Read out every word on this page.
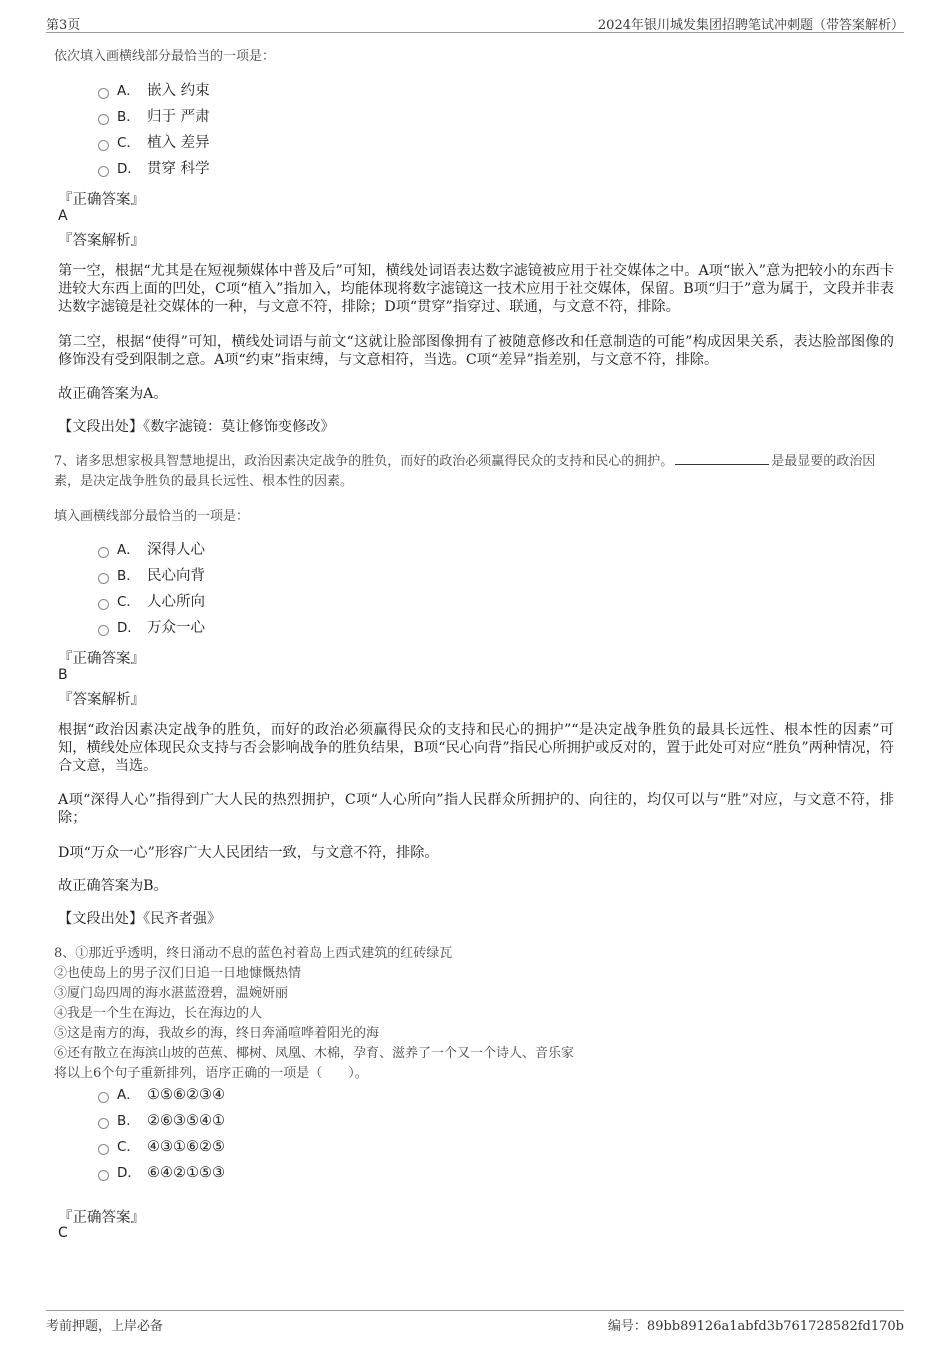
第3页	2024年银川城发集团招聘笔试冲刺题（带答案解析）
依次填入画横线部分最恰当的一项是：
A． 嵌入 约束
B． 归于 严肃
C． 植入 差异
D． 贯穿 科学
『正确答案』
A
『答案解析』
第一空，根据“尤其是在短视频媒体中普及后”可知，横线处词语表达数字滤镜被应用于社交媒体之中。A项“嵌入”意为把较小的东西卡进较大东西上面的凹处，C项“植入”指加入，均能体现将数字滤镜这一技术应用于社交媒体，保留。B项“归于”意为属于，文段并非表达数字滤镜是社交媒体的一种，与文意不符，排除；D项“贯穿”指穿过、联通，与文意不符，排除。
第二空，根据“使得”可知，横线处词语与前文“这就让脸部图像拥有了被随意修改和任意制造的可能”构成因果关系，表达脸部图像的修饰没有受到限制之意。A项“约束”指束缚，与文意相符，当选。C项“差异”指差别，与文意不符，排除。
故正确答案为A。
【文段出处】《数字滤镜：莫让修饰变修改》
7、诸多思想家极具智慧地提出，政治因素决定战争的胜负，而好的政治必须赢得民众的支持和民心的拥护。	是最显要的政治因素，是决定战争胜负的最具长远性、根本性的因素。
填入画横线部分最恰当的一项是：
A． 深得人心
B． 民心向背
C． 人心所向
D． 万众一心
『正确答案』
B
『答案解析』
根据“政治因素决定战争的胜负，而好的政治必须赢得民众的支持和民心的拥护”“是决定战争胜负的最具长远性、根本性的因素”可知，横线处应体现民众支持与否会影响战争的胜负结果，B项“民心向背”指民心所拥护或反对的，置于此处可对应“胜负”两种情况，符合文意，当选。
A项“深得人心”指得到广大人民的热烈拥护，C项“人心所向”指人民群众所拥护的、向往的，均仅可以与“胜”对应，与文意不符，排除；
D项“万众一心”形容广大人民团结一致，与文意不符，排除。
故正确答案为B。
【文段出处】《民齐者强》
8、①那近乎透明，终日涌动不息的蓝色衬着岛上西式建筑的红砖绿瓦
②也使岛上的男子汉们日追一日地慷慨热情
③厦门岛四周的海水湛蓝澄碧，温婉妍丽
④我是一个生在海边，长在海边的人
⑤这是南方的海，我故乡的海，终日奔涌喧哗着阳光的海
⑥还有散立在海滨山坡的芭蕉、椰树、凤凰、木棉，孕育、滋养了一个又一个诗人、音乐家
将以上6个句子重新排列，语序正确的一项是（　　）。
A． ①⑤⑥②③④
B． ②⑥③⑤④①
C． ④③①⑥②⑤
D． ⑥④②①⑤③
『正确答案』
C
考前押题，上岸必备	编号：89bb89126a1abfd3b761728582fd170b
